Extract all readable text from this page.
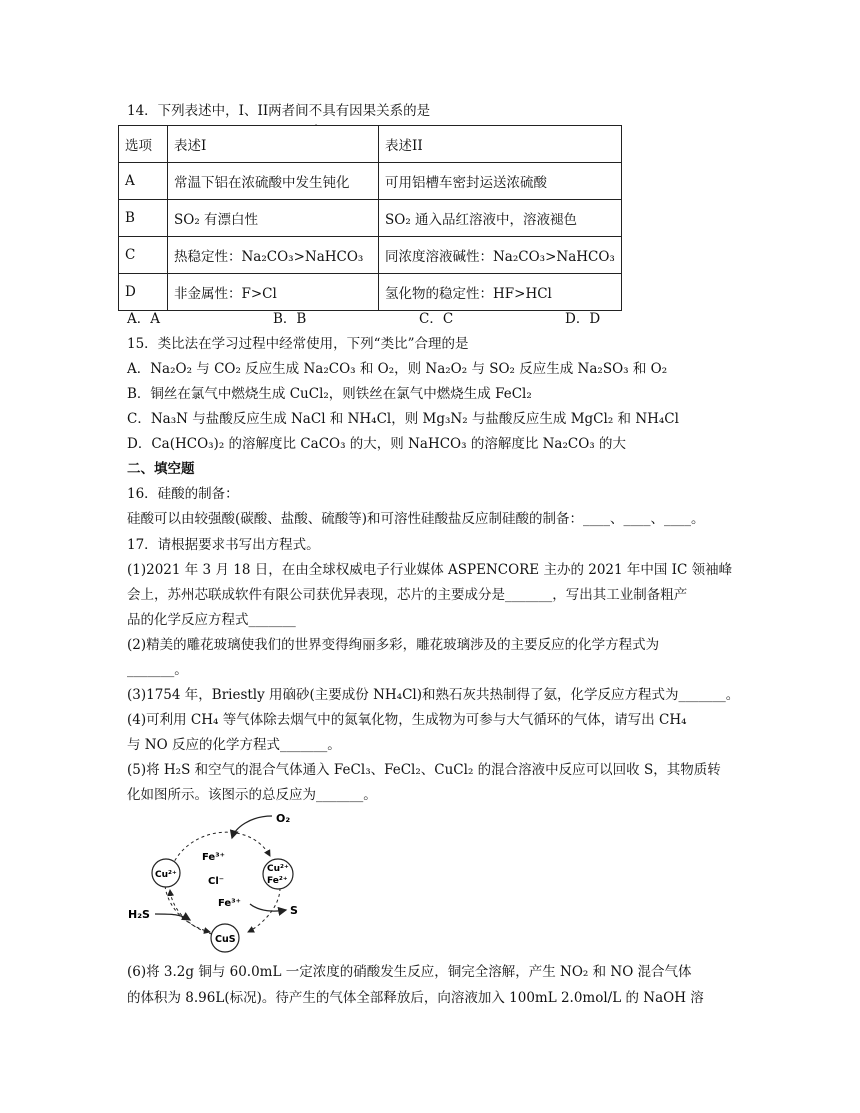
14．下列表述中，I、II两者间不具有因果关系的是
选项	表述I	表述II
A	常温下铝在浓硫酸中发生钝化	可用铝槽车密封运送浓硫酸
B	SO₂ 有漂白性	SO₂ 通入品红溶液中，溶液褪色
C	热稳定性：Na₂CO₃>NaHCO₃	同浓度溶液碱性：Na₂CO₃>NaHCO₃
D	非金属性：F>Cl	氢化物的稳定性：HF>HCl
A．A	B．B	C．C	D．D
15．类比法在学习过程中经常使用，下列“类比”合理的是
A．Na₂O₂ 与 CO₂ 反应生成 Na₂CO₃ 和 O₂，则 Na₂O₂ 与 SO₂ 反应生成 Na₂SO₃ 和 O₂
B．铜丝在氯气中燃烧生成 CuCl₂，则铁丝在氯气中燃烧生成 FeCl₂
C．Na₃N 与盐酸反应生成 NaCl 和 NH₄Cl，则 Mg₃N₂ 与盐酸反应生成 MgCl₂ 和 NH₄Cl
D．Ca(HCO₃)₂ 的溶解度比 CaCO₃ 的大，则 NaHCO₃ 的溶解度比 Na₂CO₃ 的大
二、填空题
16．硅酸的制备：
硅酸可以由较强酸(碳酸、盐酸、硫酸等)和可溶性硅酸盐反应制硅酸的制备：____、____、____。
17．请根据要求书写出方程式。
(1)2021 年 3 月 18 日，在由全球权威电子行业媒体 ASPENCORE 主办的 2021 年中国 IC 领袖峰
会上，苏州芯联成软件有限公司获优异表现，芯片的主要成分是_______，写出其工业制备粗产
品的化学反应方程式_______
(2)精美的雕花玻璃使我们的世界变得绚丽多彩，雕花玻璃涉及的主要反应的化学方程式为
_______。
(3)1754 年，Briestly 用硇砂(主要成份 NH₄Cl)和熟石灰共热制得了氨，化学反应方程式为_______。
(4)可利用 CH₄ 等气体除去烟气中的氮氧化物，生成物为可参与大气循环的气体，请写出 CH₄
与 NO 反应的化学方程式_______。
(5)将 H₂S 和空气的混合气体通入 FeCl₃、FeCl₂、CuCl₂ 的混合溶液中反应可以回收 S，其物质转
化如图所示。该图示的总反应为_______。
O₂
H₂S	S
Cu²⁺
Cu²⁺
Fe²⁺
CuS
Fe³⁺
Cl⁻
Fe³⁺
(6)将 3.2g 铜与 60.0mL 一定浓度的硝酸发生反应，铜完全溶解，产生 NO₂ 和 NO 混合气体
的体积为 8.96L(标况)。待产生的气体全部释放后，向溶液加入 100mL 2.0mol/L 的 NaOH 溶
